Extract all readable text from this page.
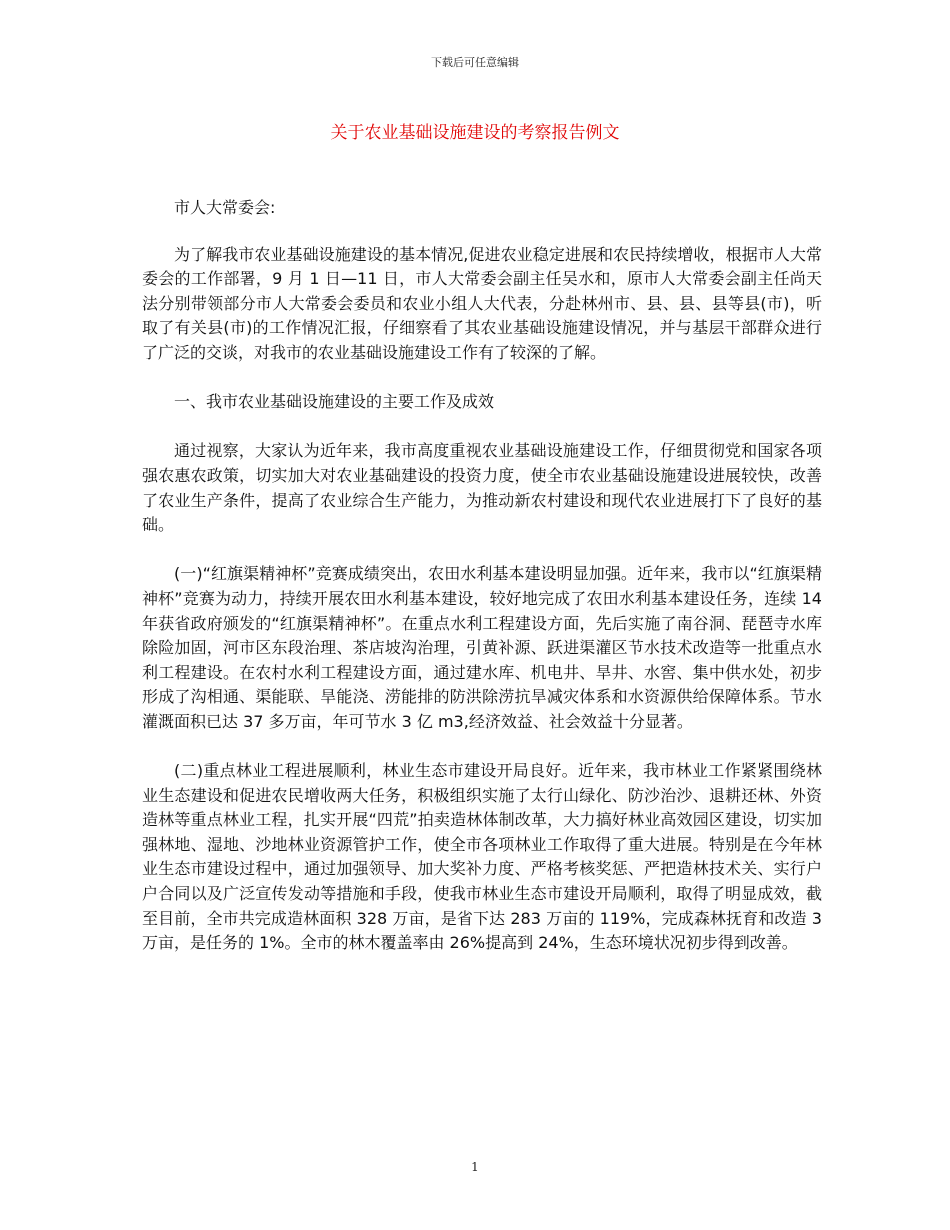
下载后可任意编辑
关于农业基础设施建设的考察报告例文

市人大常委会:

为了解我市农业基础设施建设的基本情况,促进农业稳定进展和农民持续增收，根据市人大常委会的工作部署，9 月 1 日—11 日，市人大常委会副主任吴水和，原市人大常委会副主任尚天法分别带领部分市人大常委会委员和农业小组人大代表，分赴林州市、县、县、县等县(市)，听取了有关县(市)的工作情况汇报，仔细察看了其农业基础设施建设情况，并与基层干部群众进行了广泛的交谈，对我市的农业基础设施建设工作有了较深的了解。

一、我市农业基础设施建设的主要工作及成效

通过视察，大家认为近年来，我市高度重视农业基础设施建设工作，仔细贯彻党和国家各项强农惠农政策，切实加大对农业基础建设的投资力度，使全市农业基础设施建设进展较快，改善了农业生产条件，提高了农业综合生产能力，为推动新农村建设和现代农业进展打下了良好的基础。

(一)“红旗渠精神杯”竞赛成绩突出，农田水利基本建设明显加强。近年来，我市以“红旗渠精神杯”竞赛为动力，持续开展农田水利基本建设，较好地完成了农田水利基本建设任务，连续 14 年获省政府颁发的“红旗渠精神杯”。在重点水利工程建设方面，先后实施了南谷洞、琵琶寺水库除险加固，河市区东段治理、茶店坡沟治理，引黄补源、跃进渠灌区节水技术改造等一批重点水利工程建设。在农村水利工程建设方面，通过建水库、机电井、旱井、水窖、集中供水处，初步形成了沟相通、渠能联、旱能浇、涝能排的防洪除涝抗旱减灾体系和水资源供给保障体系。节水灌溉面积已达 37 多万亩，年可节水 3 亿 m3,经济效益、社会效益十分显著。

(二)重点林业工程进展顺利，林业生态市建设开局良好。近年来，我市林业工作紧紧围绕林业生态建设和促进农民增收两大任务，积极组织实施了太行山绿化、防沙治沙、退耕还林、外资造林等重点林业工程，扎实开展“四荒”拍卖造林体制改革，大力搞好林业高效园区建设，切实加强林地、湿地、沙地林业资源管护工作，使全市各项林业工作取得了重大进展。特别是在今年林业生态市建设过程中，通过加强领导、加大奖补力度、严格考核奖惩、严把造林技术关、实行户户合同以及广泛宣传发动等措施和手段，使我市林业生态市建设开局顺利，取得了明显成效，截至目前，全市共完成造林面积 328 万亩，是省下达 283 万亩的 119%，完成森林抚育和改造 3 万亩，是任务的 1%。全市的林木覆盖率由 26%提高到 24%，生态环境状况初步得到改善。

1
